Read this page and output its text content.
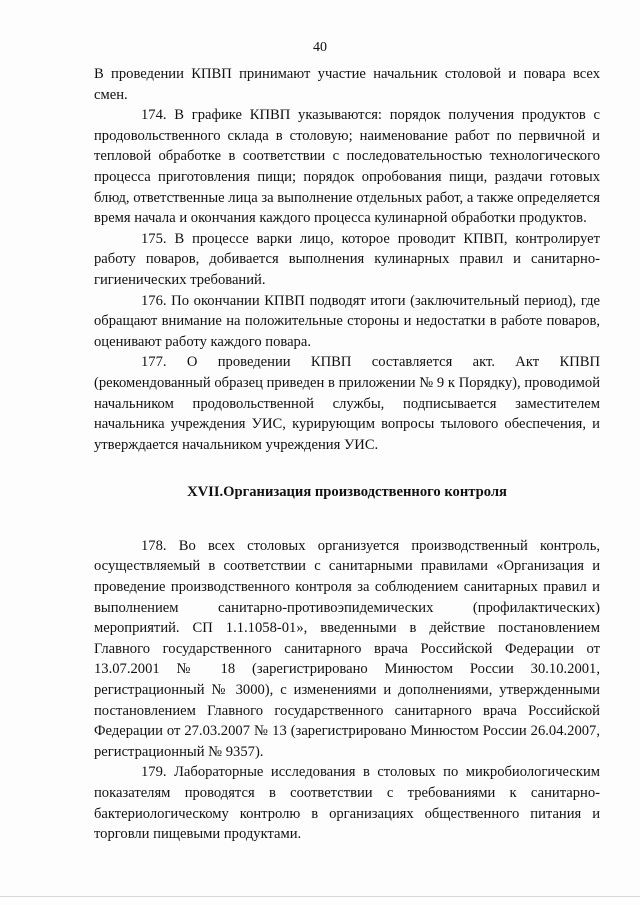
40

В проведении КПВП принимают участие начальник столовой и повара всех смен.

174. В графике КПВП указываются: порядок получения продуктов с продовольственного склада в столовую; наименование работ по первичной и тепловой обработке в соответствии с последовательностью технологического процесса приготовления пищи; порядок опробования пищи, раздачи готовых блюд, ответственные лица за выполнение отдельных работ, а также определяется время начала и окончания каждого процесса кулинарной обработки продуктов.

175. В процессе варки лицо, которое проводит КПВП, контролирует работу поваров, добивается выполнения кулинарных правил и санитарно-гигиенических требований.

176. По окончании КПВП подводят итоги (заключительный период), где обращают внимание на положительные стороны и недостатки в работе поваров, оценивают работу каждого повара.

177. О проведении КПВП составляется акт. Акт КПВП (рекомендованный образец приведен в приложении № 9 к Порядку), проводимой начальником продовольственной службы, подписывается заместителем начальника учреждения УИС, курирующим вопросы тылового обеспечения, и утверждается начальником учреждения УИС.

XVII.Организация производственного контроля

178. Во всех столовых организуется производственный контроль, осуществляемый в соответствии с санитарными правилами «Организация и проведение производственного контроля за соблюдением санитарных правил и выполнением санитарно-противоэпидемических (профилактических) мероприятий. СП 1.1.1058-01», введенными в действие постановлением Главного государственного санитарного врача Российской Федерации от 13.07.2001 № 18 (зарегистрировано Минюстом России 30.10.2001, регистрационный № 3000), с изменениями и дополнениями, утвержденными постановлением Главного государственного санитарного врача Российской Федерации от 27.03.2007 № 13 (зарегистрировано Минюстом России 26.04.2007, регистрационный № 9357).

179. Лабораторные исследования в столовых по микробиологическим показателям проводятся в соответствии с требованиями к санитарно-бактериологическому контролю в организациях общественного питания и торговли пищевыми продуктами.
